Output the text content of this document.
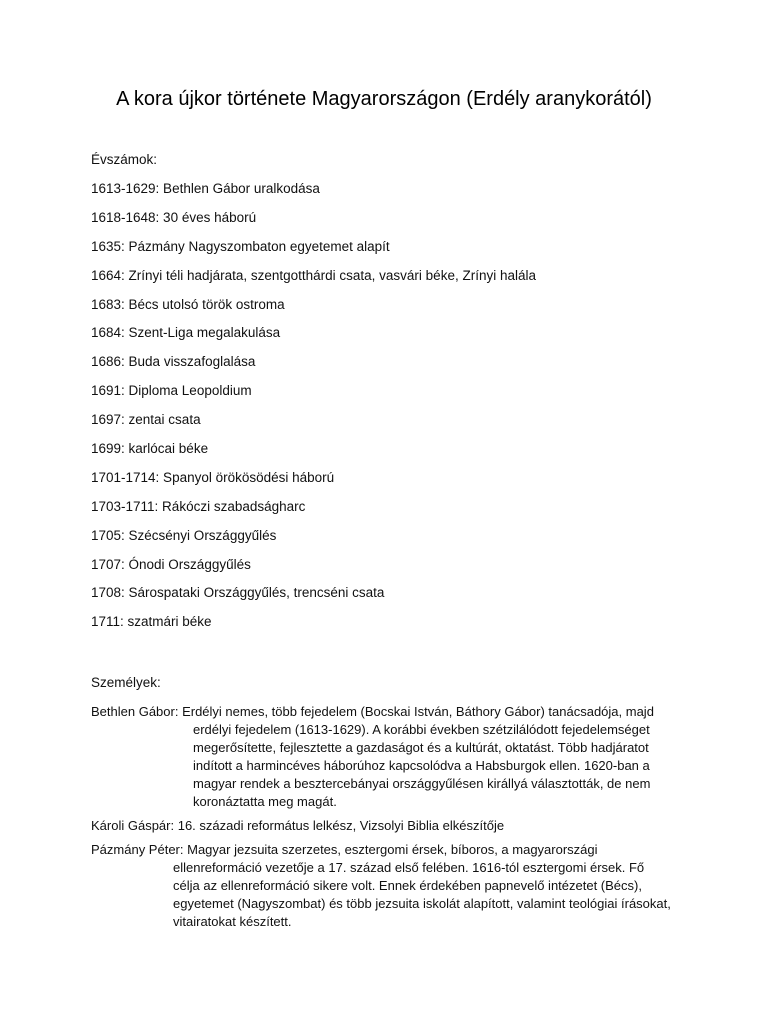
A kora újkor története Magyarországon (Erdély aranykorától)

Évszámok:

1613-1629: Bethlen Gábor uralkodása
1618-1648: 30 éves háború
1635: Pázmány Nagyszombaton egyetemet alapít
1664: Zrínyi téli hadjárata, szentgotthárdi csata, vasvári béke, Zrínyi halála
1683: Bécs utolsó török ostroma
1684: Szent-Liga megalakulása
1686: Buda visszafoglalása
1691: Diploma Leopoldium
1697: zentai csata
1699: karlócai béke
1701-1714: Spanyol örökösödési háború
1703-1711: Rákóczi szabadságharc
1705: Szécsényi Országgyűlés
1707: Ónodi Országgyűlés
1708: Sárospataki Országgyűlés, trencséni csata
1711: szatmári béke

Személyek:

Bethlen Gábor: Erdélyi nemes, több fejedelem (Bocskai István, Báthory Gábor) tanácsadója, majd erdélyi fejedelem (1613-1629). A korábbi években szétzilálódott fejedelemséget megerősítette, fejlesztette a gazdaságot és a kultúrát, oktatást. Több hadjáratot indított a harmincéves háborúhoz kapcsolódva a Habsburgok ellen. 1620-ban a magyar rendek a besztercebányai országgyűlésen királlyá választották, de nem koronáztatta meg magát.

Károli Gáspár: 16. századi református lelkész, Vizsolyi Biblia elkészítője

Pázmány Péter: Magyar jezsuita szerzetes, esztergomi érsek, bíboros, a magyarországi ellenreformáció vezetője a 17. század első felében. 1616-tól esztergomi érsek. Fő célja az ellenreformáció sikere volt. Ennek érdekében papnevelő intézetet (Bécs), egyetemet (Nagyszombat) és több jezsuita iskolát alapított, valamint teológiai írásokat, vitairatokat készített.
